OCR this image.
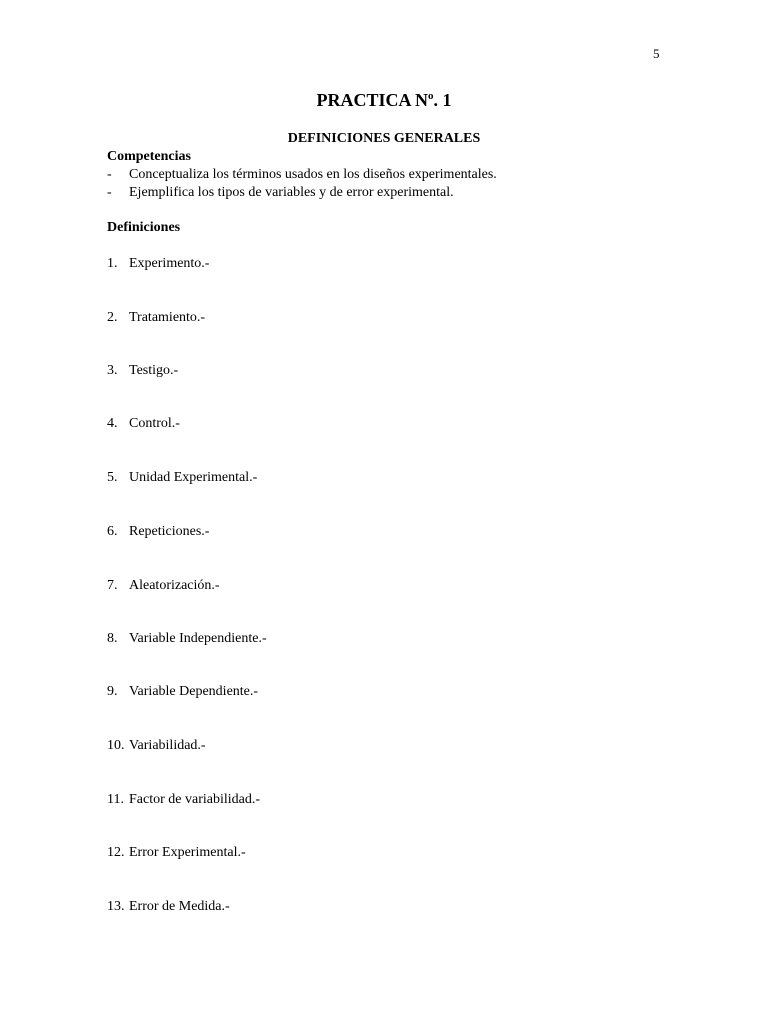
5
PRACTICA $N^o$. 1
DEFINICIONES GENERALES
Competencias
- Conceptualiza los términos usados en los diseños experimentales.
- Ejemplifica los tipos de variables y de error experimental.
Definiciones
1. Experimento.-
2. Tratamiento.-
3. Testigo.-
4. Control.-
5. Unidad Experimental.-
6. Repeticiones.-
7. Aleatorización.-
8. Variable Independiente.-
9. Variable Dependiente.-
10. Variabilidad.-
11. Factor de variabilidad.-
12. Error Experimental.-
13. Error de Medida.-
